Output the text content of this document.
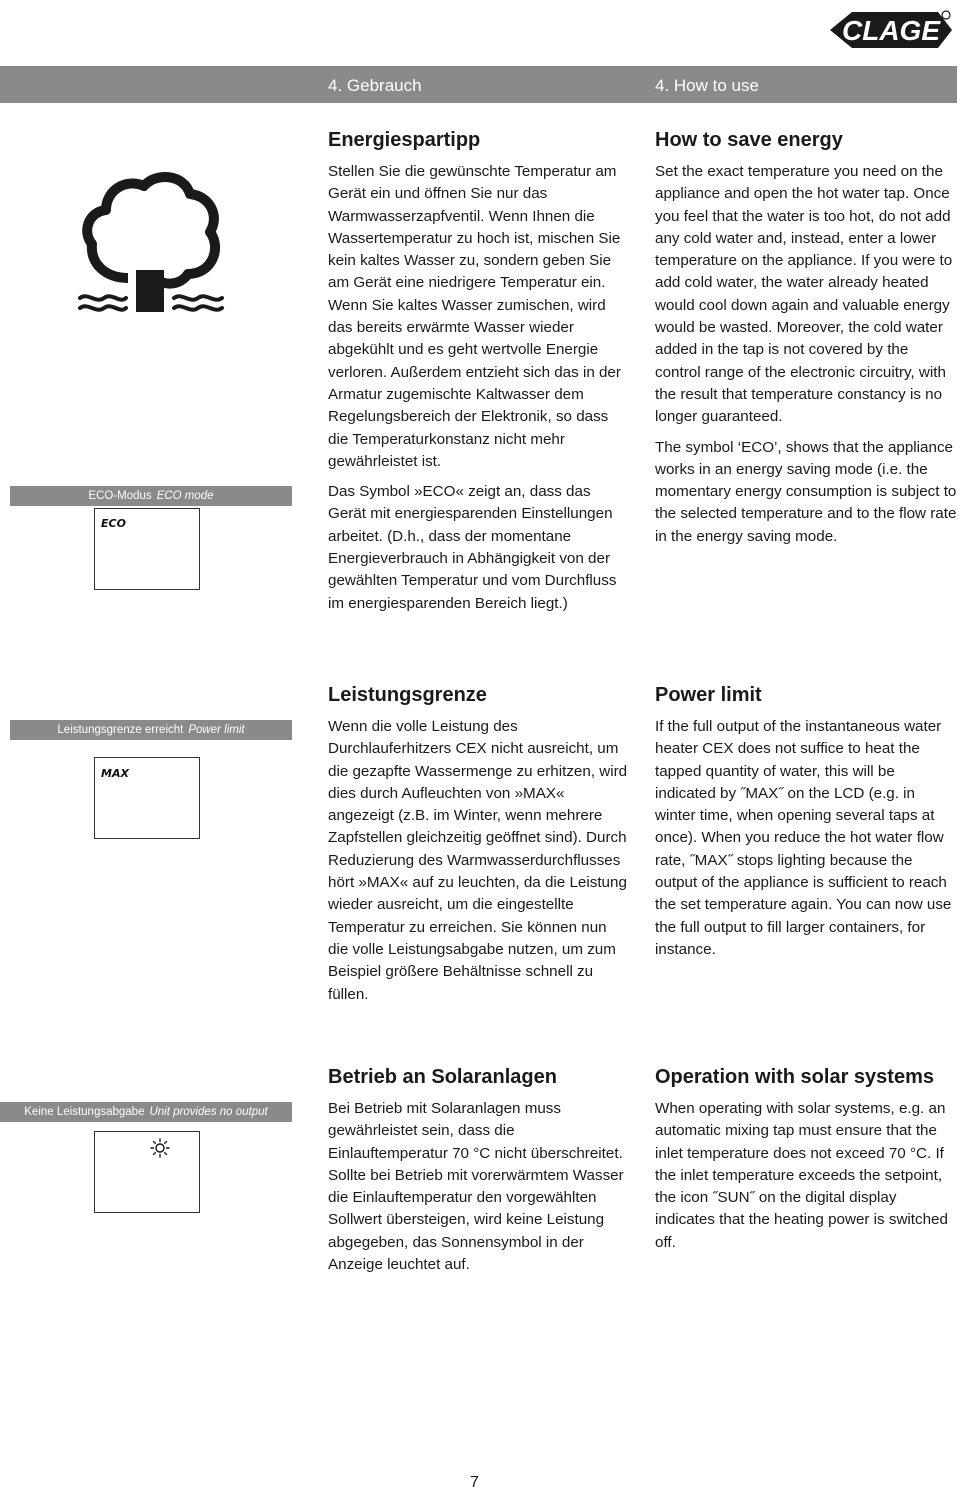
CLAGE
4. Gebrauch	4. How to use
ECO-Modus ECO mode
ECO
Energiespartipp

Stellen Sie die gewünschte Temperatur am Gerät ein und öffnen Sie nur das Warmwasserzapfventil. Wenn Ihnen die Wassertemperatur zu hoch ist, mischen Sie kein kaltes Wasser zu, sondern geben Sie am Gerät eine niedrigere Temperatur ein. Wenn Sie kaltes Wasser zumischen, wird das bereits erwärmte Wasser wieder abgekühlt und es geht wertvolle Energie verloren. Außerdem entzieht sich das in der Armatur zugemischte Kaltwasser dem Regelungsbereich der Elektronik, so dass die Temperaturkonstanz nicht mehr gewährleistet ist.

Das Symbol »ECO« zeigt an, dass das Gerät mit energiesparenden Einstellungen arbeitet. (D.h., dass der momentane Energieverbrauch in Abhängigkeit von der gewählten Temperatur und vom Durchfluss im energiesparenden Bereich liegt.)

How to save energy

Set the exact temperature you need on the appliance and open the hot water tap. Once you feel that the water is too hot, do not add any cold water and, instead, enter a lower temperature on the appliance. If you were to add cold water, the water already heated would cool down again and valuable energy would be wasted. Moreover, the cold water added in the tap is not covered by the control range of the electronic circuitry, with the result that temperature constancy is no longer guaranteed.

The symbol ‘ECO’, shows that the appliance works in an energy saving mode (i.e. the momentary energy consumption is subject to the selected temperature and to the flow rate in the energy saving mode.

Leistungsgrenze erreicht Power limit
MAX
Leistungsgrenze

Wenn die volle Leistung des Durchlauferhitzers CEX nicht ausreicht, um die gezapfte Wassermenge zu erhitzen, wird dies durch Aufleuchten von »MAX« angezeigt (z.B. im Winter, wenn mehrere Zapfstellen gleichzeitig geöffnet sind). Durch Reduzierung des Warmwasserdurchflusses hört »MAX« auf zu leuchten, da die Leistung wieder ausreicht, um die eingestellte Temperatur zu erreichen. Sie können nun die volle Leistungsabgabe nutzen, um zum Beispiel größere Behältnisse schnell zu füllen.

Power limit

If the full output of the instantaneous water heater CEX does not suffice to heat the tapped quantity of water, this will be indicated by ˝MAX˝ on the LCD (e.g. in winter time, when opening several taps at once). When you reduce the hot water flow rate, ˝MAX˝ stops lighting because the output of the appliance is sufficient to reach the set temperature again. You can now use the full output to fill larger containers, for instance.

Keine Leistungsabgabe Unit provides no output
Betrieb an Solaranlagen

Bei Betrieb mit Solaranlagen muss gewährleistet sein, dass die Einlauftemperatur 70 °C nicht überschreitet. Sollte bei Betrieb mit vorerwärmtem Wasser die Einlauftemperatur den vorgewählten Sollwert übersteigen, wird keine Leistung abgegeben, das Sonnensymbol in der Anzeige leuchtet auf.

Operation with solar systems

When operating with solar systems, e.g. an automatic mixing tap must ensure that the inlet temperature does not exceed 70 °C. If the inlet temperature exceeds the setpoint, the icon ˝SUN˝ on the digital display indicates that the heating power is switched off.

7
